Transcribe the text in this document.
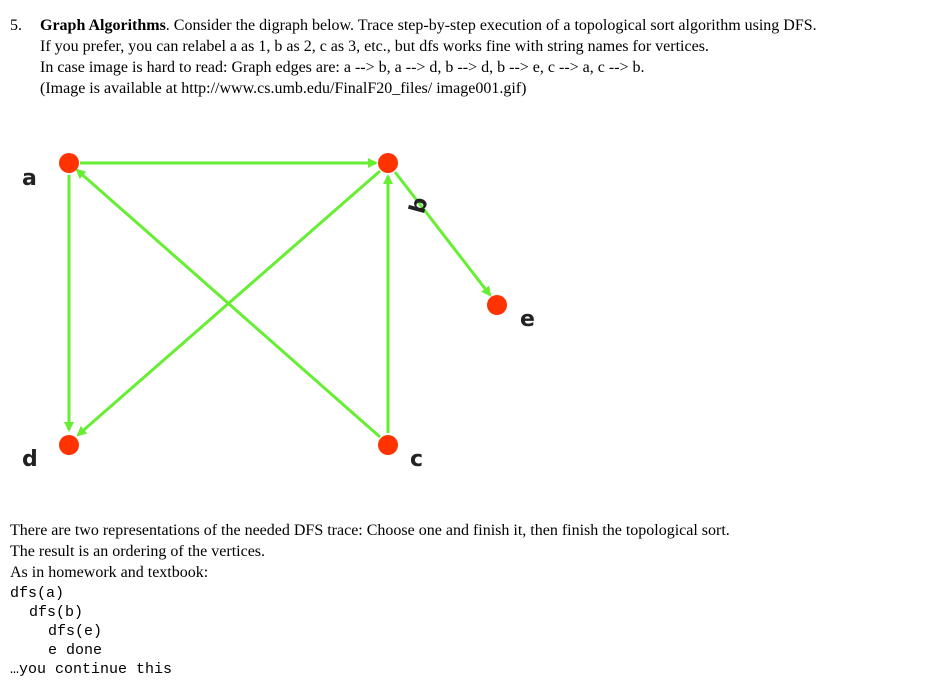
5. Graph Algorithms. Consider the digraph below. Trace step-by-step execution of a topological sort algorithm using DFS.
If you prefer, you can relabel a as 1, b as 2, c as 3, etc., but dfs works fine with string names for vertices.
In case image is hard to read: Graph edges are: a --> b, a --> d, b --> d, b --> e, c --> a, c --> b.
(Image is available at http://www.cs.umb.edu/FinalF20_files/ image001.gif)
a
b
c
d
e
There are two representations of the needed DFS trace: Choose one and finish it, then finish the topological sort.
The result is an ordering of the vertices.
As in homework and textbook:
dfs(a)
dfs(b)
dfs(e)
e done
…you continue this
